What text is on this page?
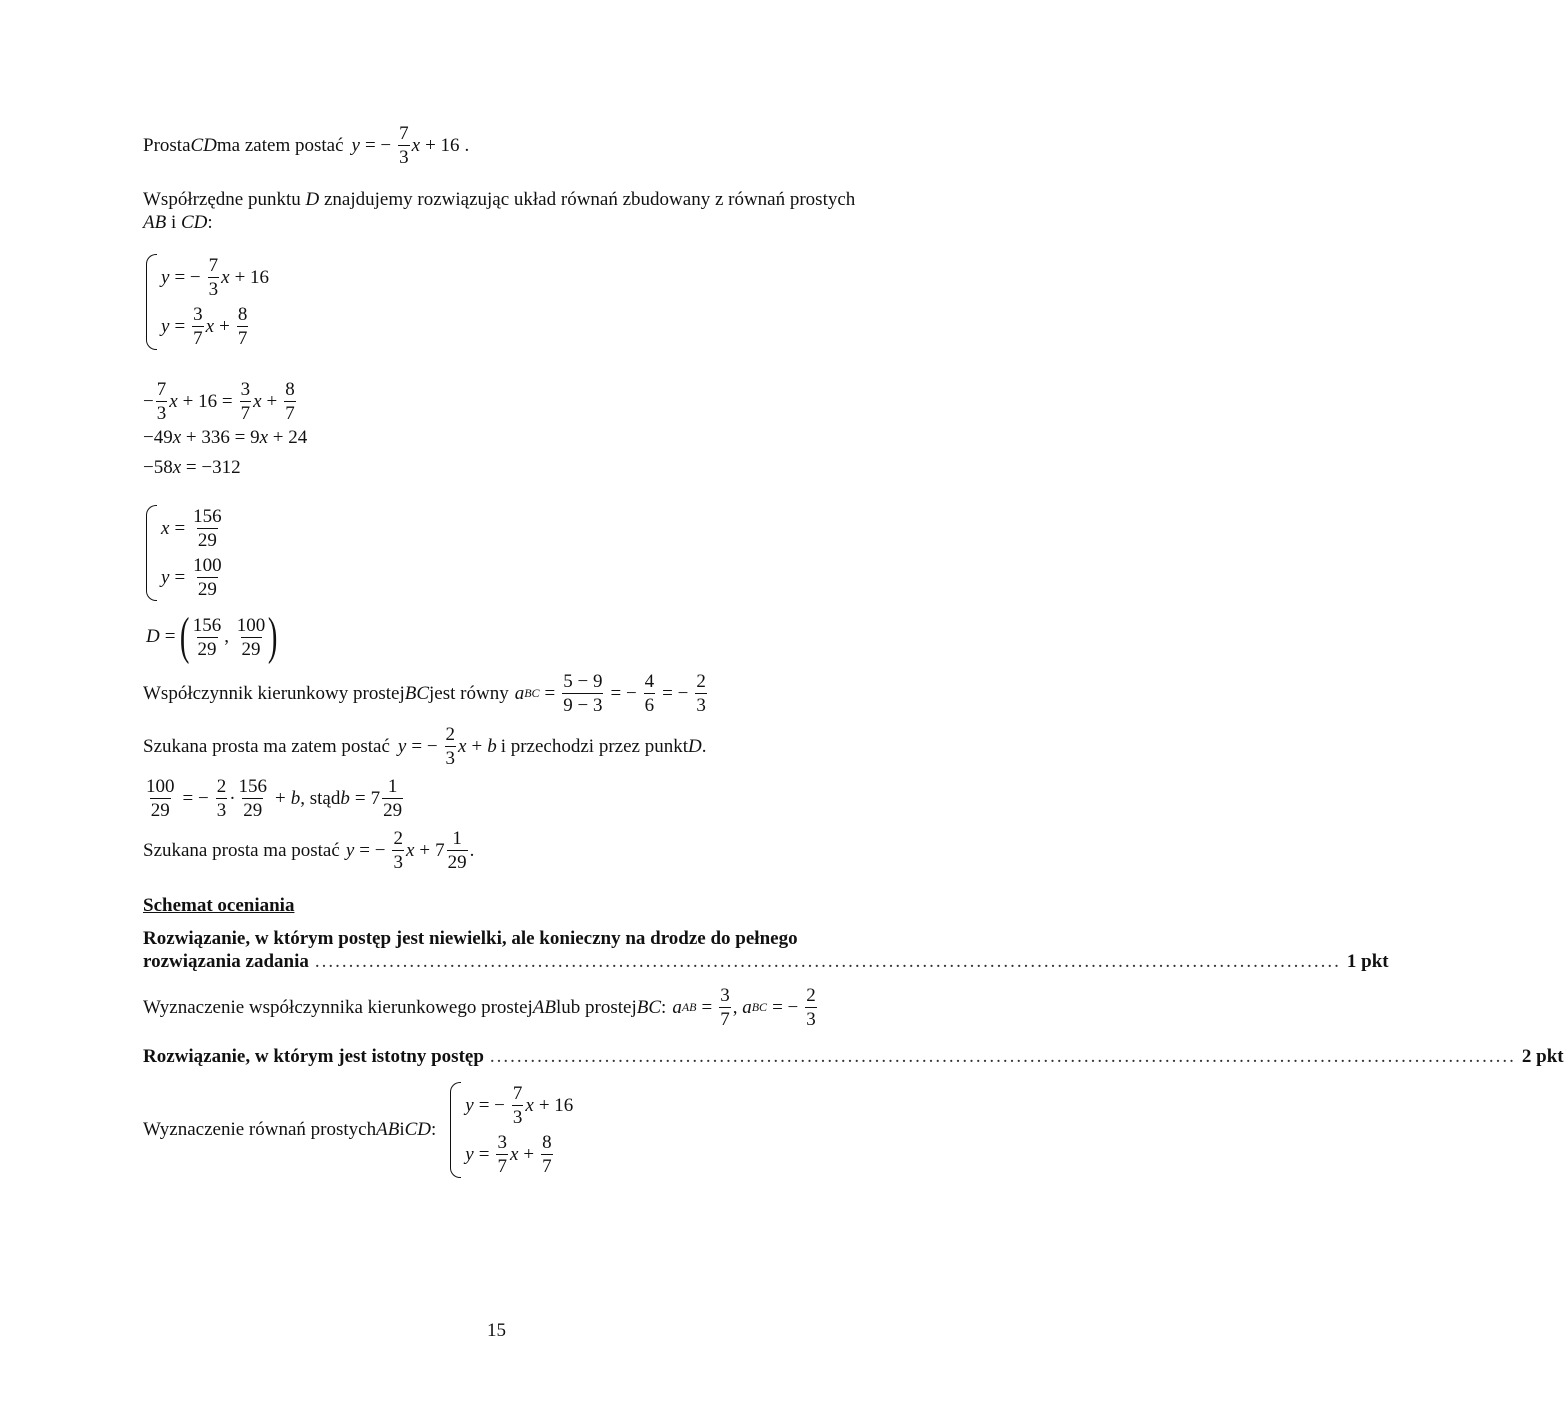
Prosta CD ma zatem postać y = − $\frac{7}{3}$ x + 16 .
Współrzędne punktu D znajdujemy rozwiązując układ równań zbudowany z równań prostych
AB i CD:
y = − $\frac{7}{3}$ x + 16
$y = \frac{3}{7}$ $x + \frac{8}{7}$
− $\frac{7}{3}$ $x + 16 = \frac{3}{7}$ $x + \frac{8}{7}$
−49x + 336 = 9x + 24
−58x = −312
$x = \frac{156}{29}$
$y = \frac{100}{29}$
D = ( $\frac{156}{29}$ , $\frac{100}{29}$ )
Współczynnik kierunkowy prostej BC jest równy a BC = $\frac{5 - 9}{9 - 3}$ = − $\frac{4}{6}$ = − $\frac{2}{3}$
Szukana prosta ma zatem postać y = − $\frac{2}{3}$ x + b i przechodzi przez punkt D .
$\frac{100}{29}$ = − $\frac{2}{3} \cdot \frac{156}{29} + b$ , stąd $b = 7 \frac{1}{29}$
Szukana prosta ma postać y = − $\frac{2}{3}$ $x + 7 \frac{1}{29}$ .
Schemat oceniania
Rozwiązanie, w którym postęp jest niewielki, ale konieczny na drodze do pełnego
rozwiązania zadania ........................................................................................................................................................ 1 pkt
Wyznaczenie współczynnika kierunkowego prostej AB lub prostej BC : a AB = $\frac{3}{7}$ , a BC = − $\frac{2}{3}$
Rozwiązanie, w którym jest istotny postęp ........................................................................................................................................................ 2 pkt
Wyznaczenie równań prostych AB i CD :
y = − $\frac{7}{3}$ x + 16
$y = \frac{3}{7}$ $x + \frac{8}{7}$
15
